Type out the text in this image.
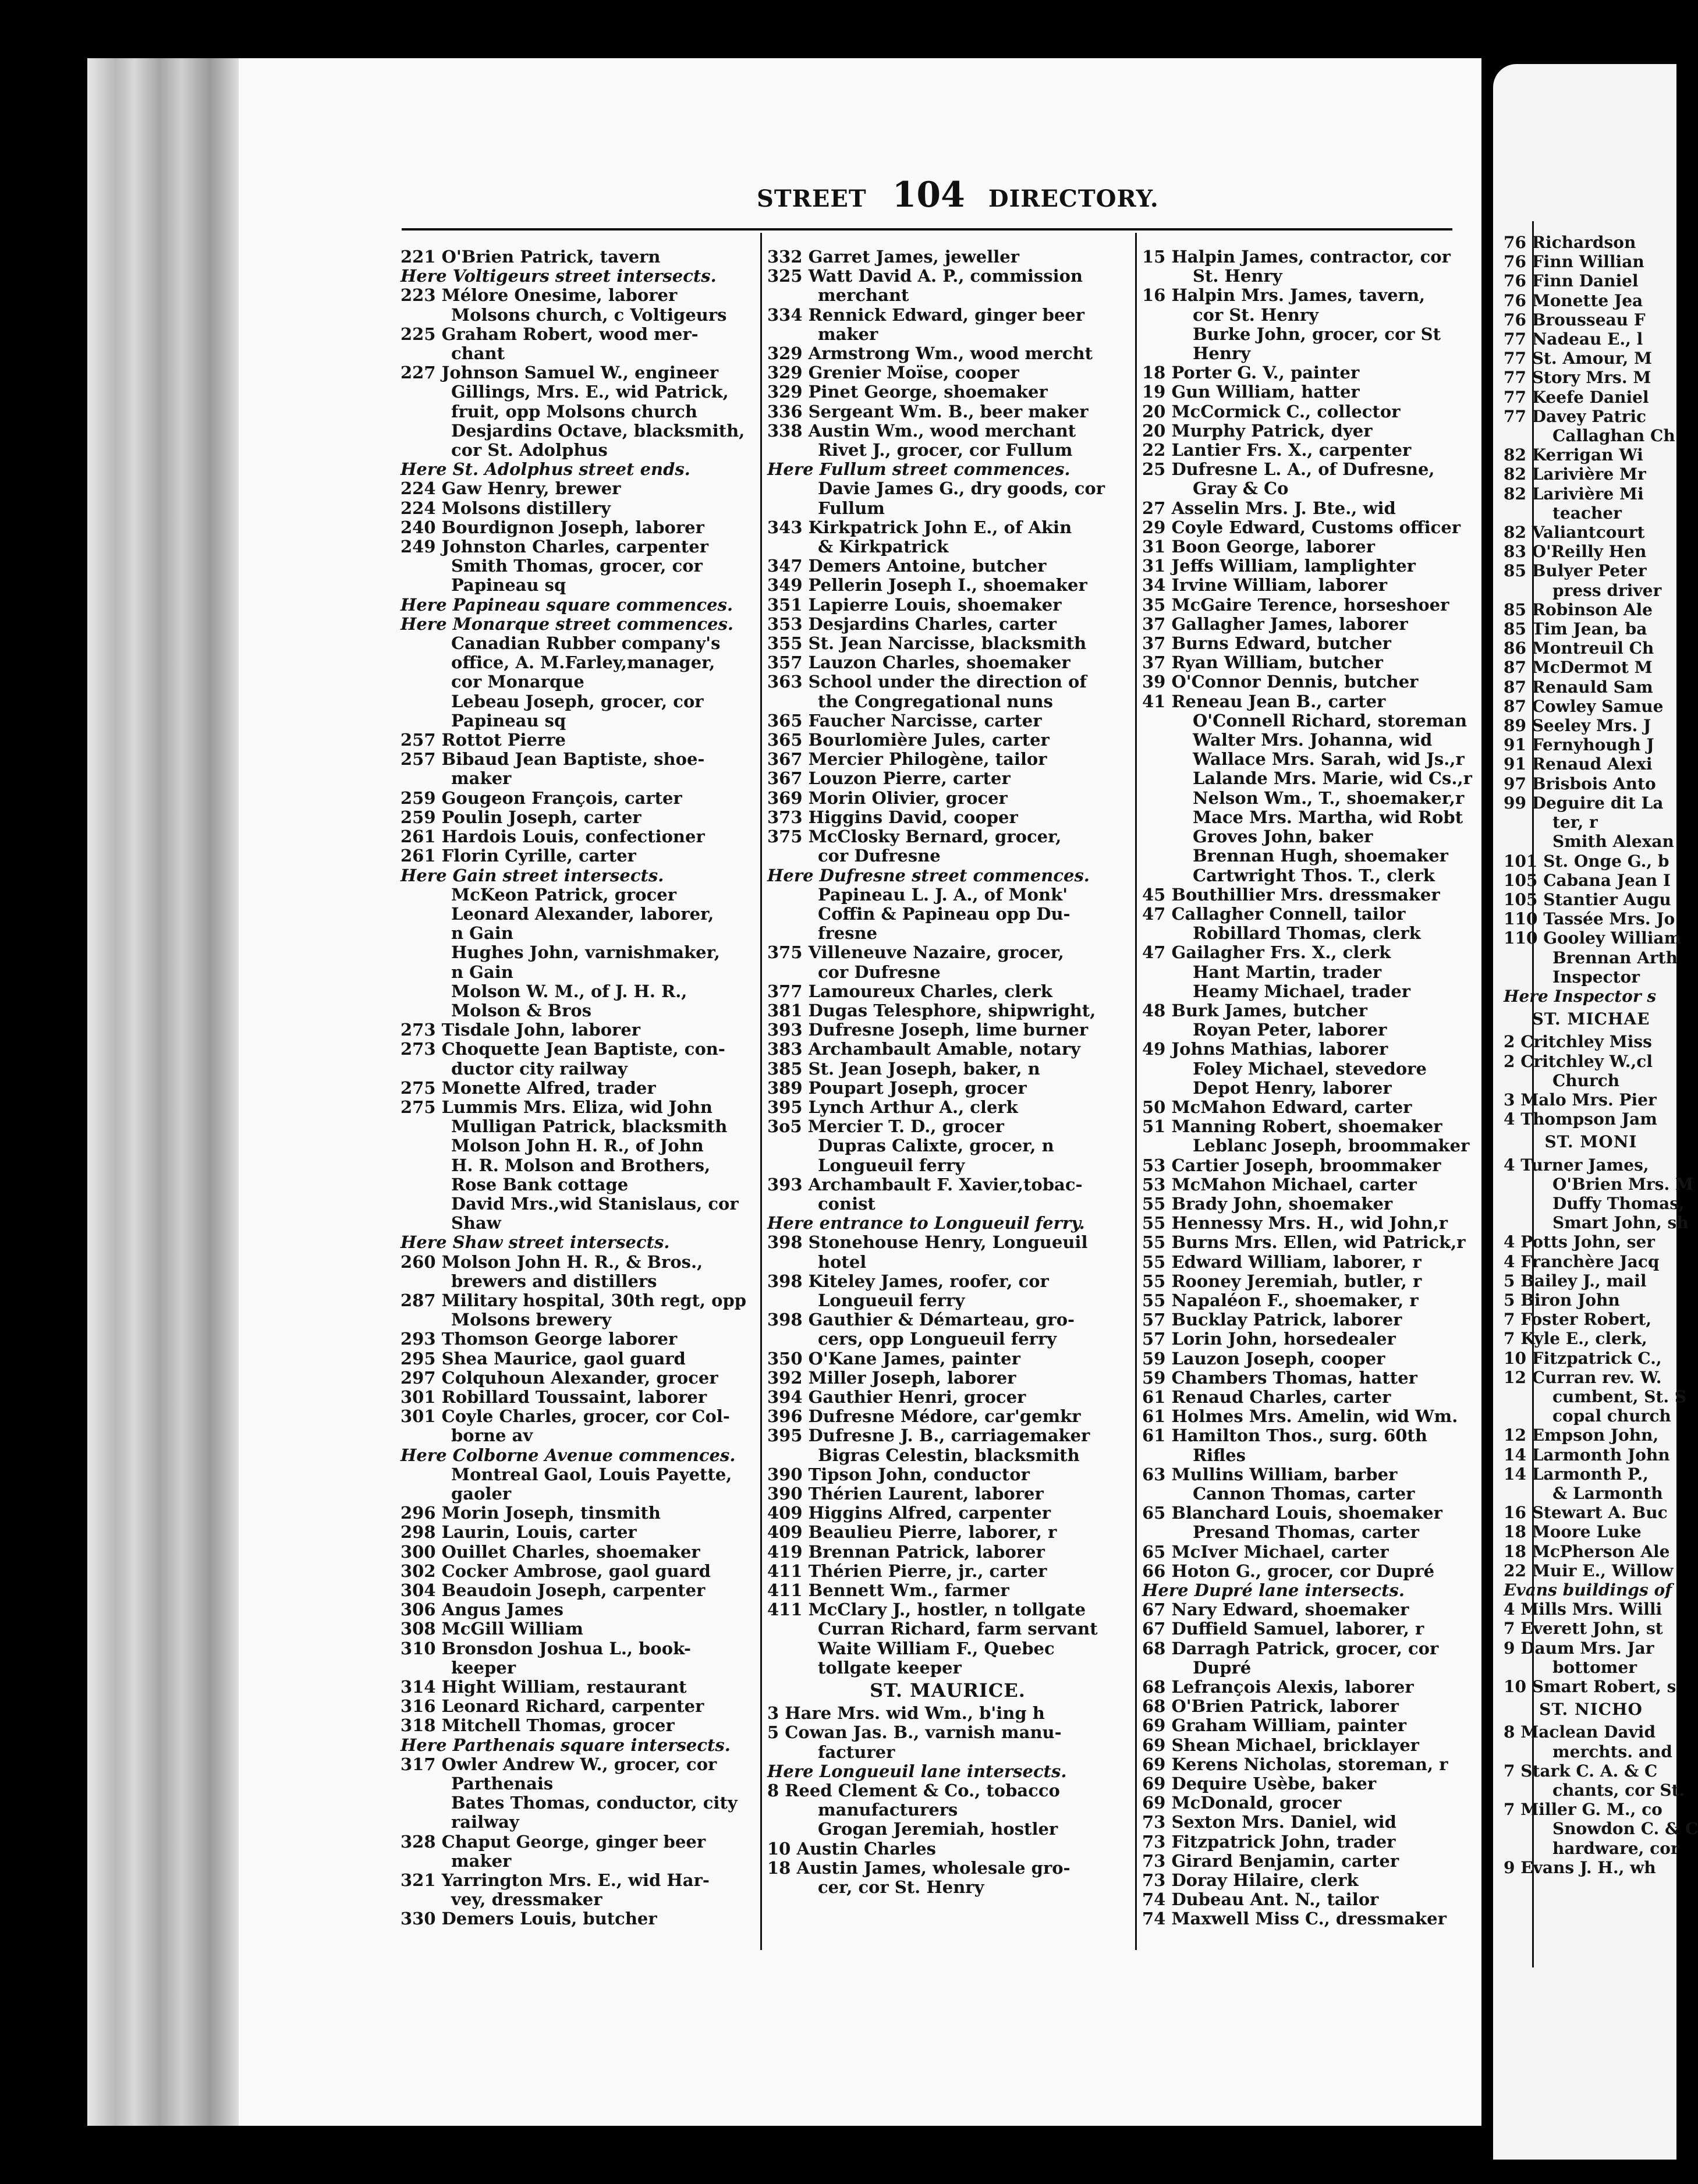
76 Richardson
76 Finn Willian
76 Finn Daniel
76 Monette Jea
76 Brousseau F
77 Nadeau E., l
77 St. Amour, M
77 Story Mrs. M
77 Keefe Daniel
77 Davey Patric
   Callaghan Ch
82 Kerrigan Wi
82 Larivière Mr
82 Larivière Mi
   teacher
82 Valiantcourt
83 O'Reilly Hen
85 Bulyer Peter
   press driver
85 Robinson Ale
85 Tim Jean, ba
86 Montreuil Ch
87 McDermot M
87 Renauld Sam
87 Cowley Samue
89 Seeley Mrs. J
91 Fernyhough J
91 Renaud Alexi
97 Brisbois Anto
99 Deguire dit La
   ter, r
   Smith Alexan
101 St. Onge G., b
105 Cabana Jean I
105 Stantier Augu
110 Tassée Mrs. Jo
110 Gooley William
   Brennan Arth
   Inspector
Here Inspector s
ST. MICHAE
2 Critchley Miss
2 Critchley W.,cl
   Church
3 Malo Mrs. Pier
4 Thompson Jam
ST. MONI
4 Turner James,
   O'Brien Mrs. M
   Duffy Thomas,
   Smart John, sh
4 Potts John, ser
4 Franchère Jacq
5 Bailey J., mail
5 Biron John
7 Foster Robert,
7 Kyle E., clerk,
10 Fitzpatrick C.,
12 Curran rev. W.
   cumbent, St. S
   copal church
12 Empson John,
14 Larmonth John
14 Larmonth P.,
   & Larmonth
16 Stewart A. Buc
18 Moore Luke
18 McPherson Ale
22 Muir E., Willow
Evans buildings of
4 Mills Mrs. Willi
7 Everett John, st
9 Daum Mrs. Jar
   bottomer
10 Smart Robert, s
ST. NICHO
8 Maclean David
   merchts. and
7 Stark C. A. & C
   chants, cor St.
7 Miller G. M., co
   Snowdon C. & C
   hardware, cor
9 Evans J. H., wh
STREET 104 DIRECTORY.
221 O'Brien Patrick, tavern
Here Voltigeurs street intersects.
223 Mélore Onesime, laborer
   Molsons church, c Voltigeurs
225 Graham Robert, wood mer-
   chant
227 Johnson Samuel W., engineer
   Gillings, Mrs. E., wid Patrick,
   fruit, opp Molsons church
   Desjardins Octave, blacksmith,
   cor St. Adolphus
Here St. Adolphus street ends.
224 Gaw Henry, brewer
224 Molsons distillery
240 Bourdignon Joseph, laborer
249 Johnston Charles, carpenter
   Smith Thomas, grocer, cor
   Papineau sq
Here Papineau square commences.
Here Monarque street commences.
   Canadian Rubber company's
   office, A. M.Farley,manager,
   cor Monarque
   Lebeau Joseph, grocer, cor
   Papineau sq
257 Rottot Pierre
257 Bibaud Jean Baptiste, shoe-
   maker
259 Gougeon François, carter
259 Poulin Joseph, carter
261 Hardois Louis, confectioner
261 Florin Cyrille, carter
Here Gain street intersects.
   McKeon Patrick, grocer
   Leonard Alexander, laborer,
   n Gain
   Hughes John, varnishmaker,
   n Gain
   Molson W. M., of J. H. R.,
   Molson & Bros
273 Tisdale John, laborer
273 Choquette Jean Baptiste, con-
   ductor city railway
275 Monette Alfred, trader
275 Lummis Mrs. Eliza, wid John
   Mulligan Patrick, blacksmith
   Molson John H. R., of John
   H. R. Molson and Brothers,
   Rose Bank cottage
   David Mrs.,wid Stanislaus, cor
   Shaw
Here Shaw street intersects.
260 Molson John H. R., & Bros.,
   brewers and distillers
287 Military hospital, 30th regt, opp
   Molsons brewery
293 Thomson George laborer
295 Shea Maurice, gaol guard
297 Colquhoun Alexander, grocer
301 Robillard Toussaint, laborer
301 Coyle Charles, grocer, cor Col-
   borne av
Here Colborne Avenue commences.
   Montreal Gaol, Louis Payette,
   gaoler
296 Morin Joseph, tinsmith
298 Laurin, Louis, carter
300 Ouillet Charles, shoemaker
302 Cocker Ambrose, gaol guard
304 Beaudoin Joseph, carpenter
306 Angus James
308 McGill William
310 Bronsdon Joshua L., book-
   keeper
314 Hight William, restaurant
316 Leonard Richard, carpenter
318 Mitchell Thomas, grocer
Here Parthenais square intersects.
317 Owler Andrew W., grocer, cor
   Parthenais
   Bates Thomas, conductor, city
   railway
328 Chaput George, ginger beer
   maker
321 Yarrington Mrs. E., wid Har-
   vey, dressmaker
330 Demers Louis, butcher
332 Garret James, jeweller
325 Watt David A. P., commission
   merchant
334 Rennick Edward, ginger beer
   maker
329 Armstrong Wm., wood mercht
329 Grenier Moïse, cooper
329 Pinet George, shoemaker
336 Sergeant Wm. B., beer maker
338 Austin Wm., wood merchant
   Rivet J., grocer, cor Fullum
Here Fullum street commences.
   Davie James G., dry goods, cor
   Fullum
343 Kirkpatrick John E., of Akin
   & Kirkpatrick
347 Demers Antoine, butcher
349 Pellerin Joseph I., shoemaker
351 Lapierre Louis, shoemaker
353 Desjardins Charles, carter
355 St. Jean Narcisse, blacksmith
357 Lauzon Charles, shoemaker
363 School under the direction of
   the Congregational nuns
365 Faucher Narcisse, carter
365 Bourlomière Jules, carter
367 Mercier Philogène, tailor
367 Louzon Pierre, carter
369 Morin Olivier, grocer
373 Higgins David, cooper
375 McClosky Bernard, grocer,
   cor Dufresne
Here Dufresne street commences.
   Papineau L. J. A., of Monk'
   Coffin & Papineau opp Du-
   fresne
375 Villeneuve Nazaire, grocer,
   cor Dufresne
377 Lamoureux Charles, clerk
381 Dugas Telesphore, shipwright,
393 Dufresne Joseph, lime burner
383 Archambault Amable, notary
385 St. Jean Joseph, baker, n
389 Poupart Joseph, grocer
395 Lynch Arthur A., clerk
3o5 Mercier T. D., grocer
   Dupras Calixte, grocer, n
   Longueuil ferry
393 Archambault F. Xavier,tobac-
   conist
Here entrance to Longueuil ferry.
398 Stonehouse Henry, Longueuil
   hotel
398 Kiteley James, roofer, cor
   Longueuil ferry
398 Gauthier & Démarteau, gro-
   cers, opp Longueuil ferry
350 O'Kane James, painter
392 Miller Joseph, laborer
394 Gauthier Henri, grocer
396 Dufresne Médore, car'gemkr
395 Dufresne J. B., carriagemaker
   Bigras Celestin, blacksmith
390 Tipson John, conductor
390 Thérien Laurent, laborer
409 Higgins Alfred, carpenter
409 Beaulieu Pierre, laborer, r
419 Brennan Patrick, laborer
411 Thérien Pierre, jr., carter
411 Bennett Wm., farmer
411 McClary J., hostler, n tollgate
   Curran Richard, farm servant
   Waite William F., Quebec
   tollgate keeper
ST. MAURICE.
3 Hare Mrs. wid Wm., b'ing h
5 Cowan Jas. B., varnish manu-
   facturer
Here Longueuil lane intersects.
8 Reed Clement & Co., tobacco
   manufacturers
   Grogan Jeremiah, hostler
10 Austin Charles
18 Austin James, wholesale gro-
   cer, cor St. Henry
15 Halpin James, contractor, cor
   St. Henry
16 Halpin Mrs. James, tavern,
   cor St. Henry
   Burke John, grocer, cor St
   Henry
18 Porter G. V., painter
19 Gun William, hatter
20 McCormick C., collector
20 Murphy Patrick, dyer
22 Lantier Frs. X., carpenter
25 Dufresne L. A., of Dufresne,
   Gray & Co
27 Asselin Mrs. J. Bte., wid
29 Coyle Edward, Customs officer
31 Boon George, laborer
31 Jeffs William, lamplighter
34 Irvine William, laborer
35 McGaire Terence, horseshoer
37 Gallagher James, laborer
37 Burns Edward, butcher
37 Ryan William, butcher
39 O'Connor Dennis, butcher
41 Reneau Jean B., carter
   O'Connell Richard, storeman
   Walter Mrs. Johanna, wid
   Wallace Mrs. Sarah, wid Js.,r
   Lalande Mrs. Marie, wid Cs.,r
   Nelson Wm., T., shoemaker,r
   Mace Mrs. Martha, wid Robt
   Groves John, baker
   Brennan Hugh, shoemaker
   Cartwright Thos. T., clerk
45 Bouthillier Mrs. dressmaker
47 Callagher Connell, tailor
   Robillard Thomas, clerk
47 Gailagher Frs. X., clerk
   Hant Martin, trader
   Heamy Michael, trader
48 Burk James, butcher
   Royan Peter, laborer
49 Johns Mathias, laborer
   Foley Michael, stevedore
   Depot Henry, laborer
50 McMahon Edward, carter
51 Manning Robert, shoemaker
   Leblanc Joseph, broommaker
53 Cartier Joseph, broommaker
53 McMahon Michael, carter
55 Brady John, shoemaker
55 Hennessy Mrs. H., wid John,r
55 Burns Mrs. Ellen, wid Patrick,r
55 Edward William, laborer, r
55 Rooney Jeremiah, butler, r
55 Napaléon F., shoemaker, r
57 Bucklay Patrick, laborer
57 Lorin John, horsedealer
59 Lauzon Joseph, cooper
59 Chambers Thomas, hatter
61 Renaud Charles, carter
61 Holmes Mrs. Amelin, wid Wm.
61 Hamilton Thos., surg. 60th
   Rifles
63 Mullins William, barber
   Cannon Thomas, carter
65 Blanchard Louis, shoemaker
   Presand Thomas, carter
65 McIver Michael, carter
66 Hoton G., grocer, cor Dupré
Here Dupré lane intersects.
67 Nary Edward, shoemaker
67 Duffield Samuel, laborer, r
68 Darragh Patrick, grocer, cor
   Dupré
68 Lefrançois Alexis, laborer
68 O'Brien Patrick, laborer
69 Graham William, painter
69 Shean Michael, bricklayer
69 Kerens Nicholas, storeman, r
69 Dequire Usèbe, baker
69 McDonald, grocer
73 Sexton Mrs. Daniel, wid
73 Fitzpatrick John, trader
73 Girard Benjamin, carter
73 Doray Hilaire, clerk
74 Dubeau Ant. N., tailor
74 Maxwell Miss C., dressmaker
